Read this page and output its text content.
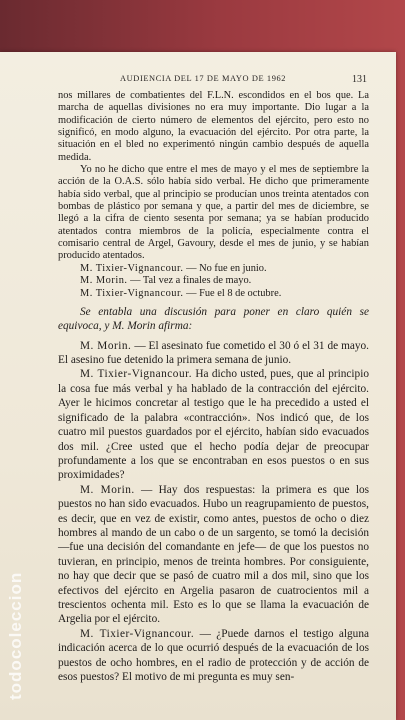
AUDIENCIA DEL 17 DE MAYO DE 1962	131

nos millares de combatientes del F.L.N. escondidos en el bos que. La marcha de aquellas divisiones no era muy importante. Dio lugar a la modificación de cierto número de elementos del ejército, pero esto no significó, en modo alguno, la evacuación del ejército. Por otra parte, la situación en el bled no experimentó ningún cambio después de aquella medida.

Yo no he dicho que entre el mes de mayo y el mes de septiembre la acción de la O.A.S. sólo había sido verbal. He dicho que primeramente había sido verbal, que al principio se producían unos treinta atentados con bombas de plástico por semana y que, a partir del mes de diciembre, se llegó a la cifra de ciento sesenta por semana; ya se habían producido atentados contra miembros de la policía, especialmente contra el comisario central de Argel, Gavoury, desde el mes de junio, y se habían producido atentados.

M. Tixier-Vignancour. — No fue en junio.

M. Morin. — Tal vez a finales de mayo.

M. Tixier-Vignancour. — Fue el 8 de octubre.

Se entabla una discusión para poner en claro quién se equivoca, y M. Morin afirma:

M. Morin. — El asesinato fue cometido el 30 ó el 31 de mayo. El asesino fue detenido la primera semana de junio.

M. Tixier-Vignancour. Ha dicho usted, pues, que al principio la cosa fue más verbal y ha hablado de la contracción del ejército. Ayer le hicimos concretar al testigo que le ha precedido a usted el significado de la palabra «contracción». Nos indicó que, de los cuatro mil puestos guardados por el ejército, habían sido evacuados dos mil. ¿Cree usted que el hecho podía dejar de preocupar profundamente a los que se encontraban en esos puestos o en sus proximidades?

M. Morin. — Hay dos respuestas: la primera es que los puestos no han sido evacuados. Hubo un reagrupamiento de puestos, es decir, que en vez de existir, como antes, puestos de ocho o diez hombres al mando de un cabo o de un sargento, se tomó la decisión —fue una decisión del comandante en jefe— de que los puestos no tuvieran, en principio, menos de treinta hombres. Por consiguiente, no hay que decir que se pasó de cuatro mil a dos mil, sino que los efectivos del ejército en Argelia pasaron de cuatrocientos mil a trescientos ochenta mil. Esto es lo que se llama la evacuación de Argelia por el ejército.

M. Tixier-Vignancour. — ¿Puede darnos el testigo alguna indicación acerca de lo que ocurrió después de la evacuación de los puestos de ocho hombres, en el radio de protección y de acción de esos puestos? El motivo de mi pregunta es muy sen-

todocoleccion
